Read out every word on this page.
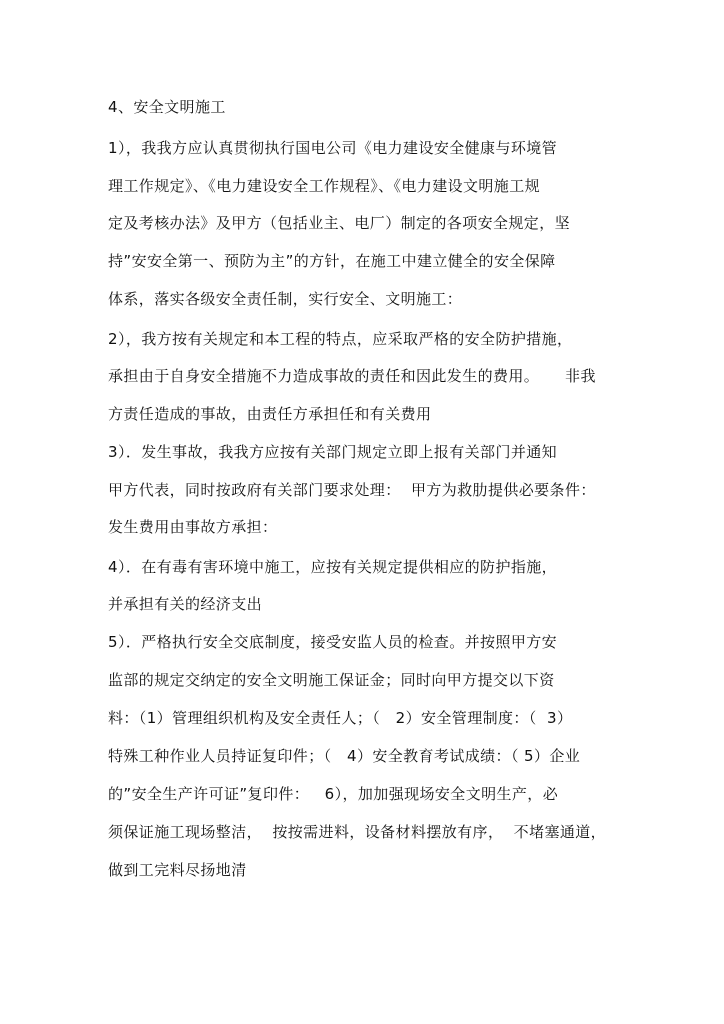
4、安全文明施工
1），我我方应认真贯彻执行国电公司《电力建设安全健康与环境管
理工作规定》、《电力建设安全工作规程》、《电力建设文明施工规
定及考核办法》及甲方（包括业主、电厂）制定的各项安全规定，坚
持”安安全第一、预防为主”的方针，在施工中建立健全的安全保障
体系，落实各级安全责任制，实行安全、文明施工：
2），我方按有关规定和本工程的特点，应采取严格的安全防护措施，
承担由于自身安全措施不力造成事故的责任和因此发生的费用。     非我
方责任造成的事故，由责任方承担任和有关费用
3）．发生事故，我我方应按有关部门规定立即上报有关部门并通知
甲方代表，同时按政府有关部门要求处理：  甲方为救肋提供必要条件：
发生费用由事故方承担：
4）．在有毒有害环境中施工，应按有关规定提供相应的防护指施，
并承担有关的经济支出
5）．严格执行安全交底制度，接受安监人员的检查。并按照甲方安
监部的规定交纳定的安全文明施工保证金；同时向甲方提交以下资
料：（1）管理组织机构及安全责任人；（   2）安全管理制度：（  3）
特殊工种作业人员持证复印件；（   4）安全教育考试成绩：（ 5）企业
的”安全生产许可证”复印件：   6），加加强现场安全文明生产，必
须保证施工现场整洁，  按按需进料，设备材料摆放有序，  不堵塞通道，
做到工完料尽扬地清
